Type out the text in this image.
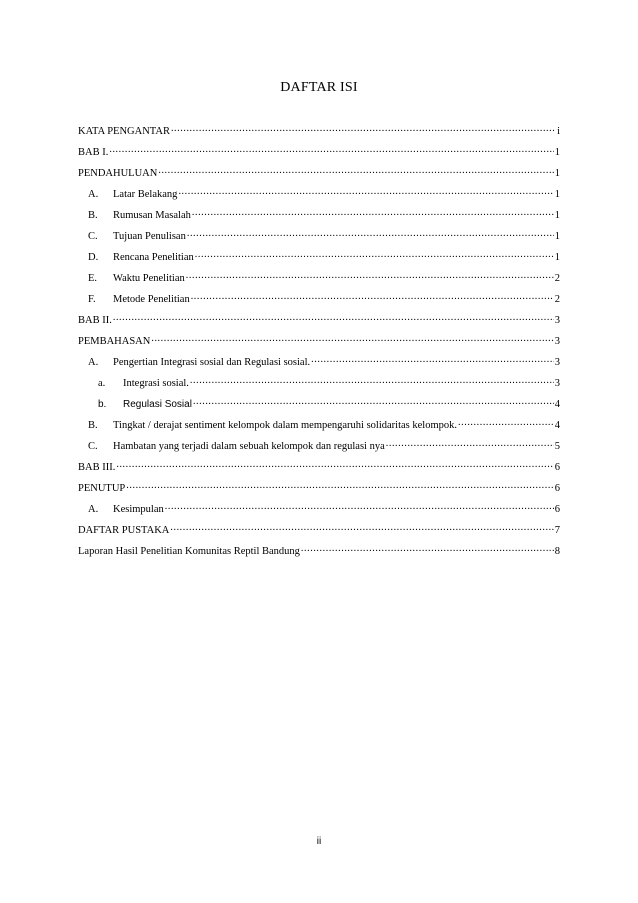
DAFTAR ISI
KATA PENGANTAR .....	i
BAB I. .....	1
PENDAHULUAN .....	1
A.	Latar Belakang .....	1
B.	Rumusan Masalah .....	1
C.	Tujuan Penulisan .....	1
D.	Rencana Penelitian .....	1
E.	Waktu Penelitian .....	2
F.	Metode Penelitian .....	2
BAB II. .....	3
PEMBAHASAN .....	3
A.	Pengertian Integrasi sosial dan Regulasi sosial. .....	3
a.	Integrasi sosial. .....	3
b.	Regulasi Sosial .....	4
B.	Tingkat / derajat sentiment kelompok dalam mempengaruhi solidaritas kelompok. .....	4
C.	Hambatan yang terjadi dalam sebuah kelompok dan regulasi nya .....	5
BAB III. .....	6
PENUTUP .....	6
A.	Kesimpulan .....	6
DAFTAR PUSTAKA .....	7
Laporan Hasil Penelitian Komunitas Reptil Bandung .....	8
ii
